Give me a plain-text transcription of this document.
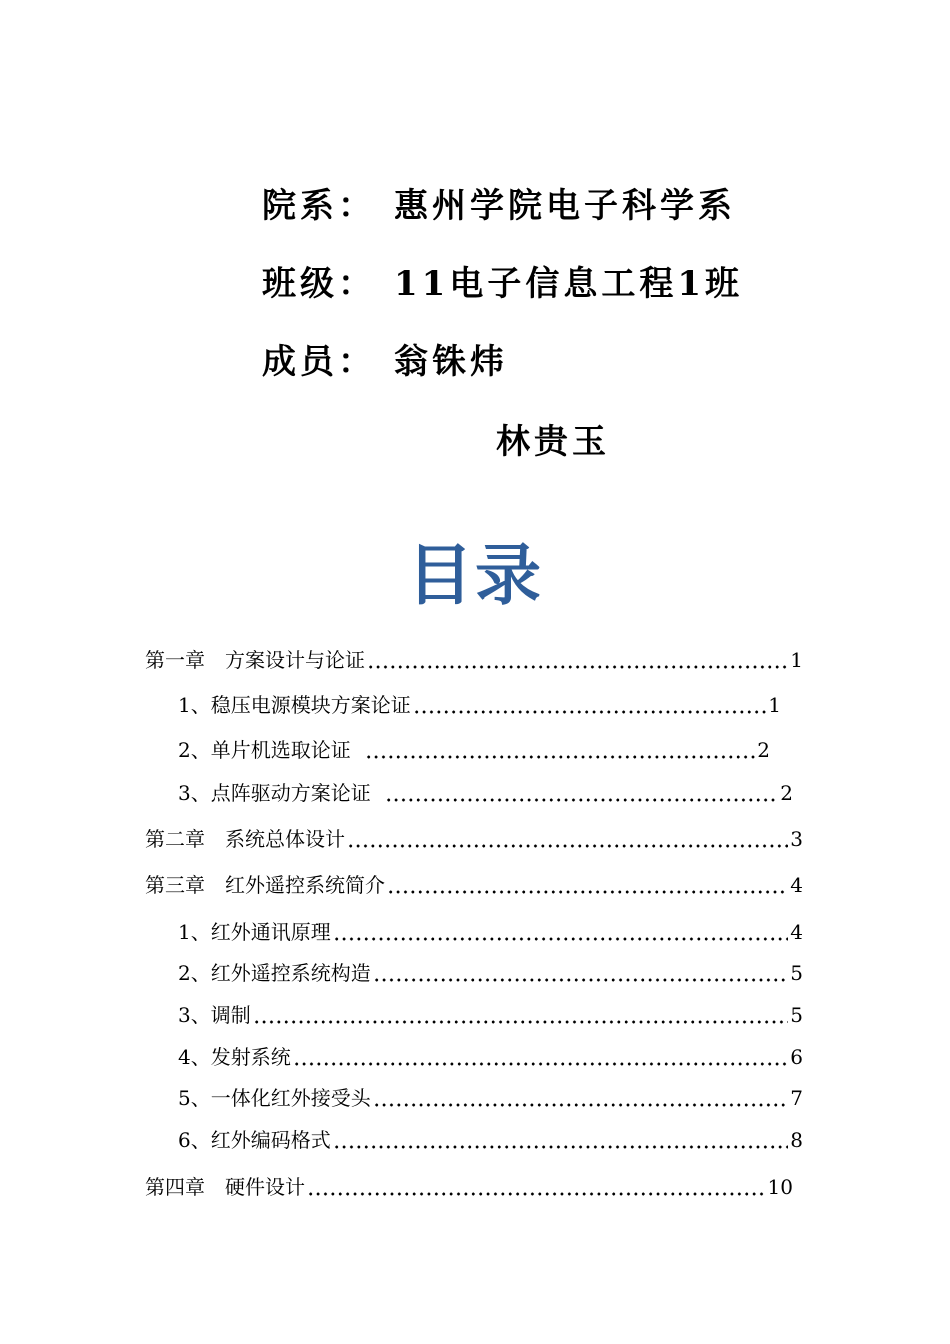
院系： 惠州学院电子科学系
班级： 11电子信息工程1班
成员： 翁铢炜
林贵玉
目录
第一章　方案设计与论证	1
1、稳压电源模块方案论证	1
2、单片机选取论证	2
3、点阵驱动方案论证	2
第二章　系统总体设计	3
第三章　红外遥控系统简介	4
1、红外通讯原理	4
2、红外遥控系统构造	5
3、调制	5
4、发射系统	6
5、一体化红外接受头	7
6、红外编码格式	8
第四章　硬件设计	10
